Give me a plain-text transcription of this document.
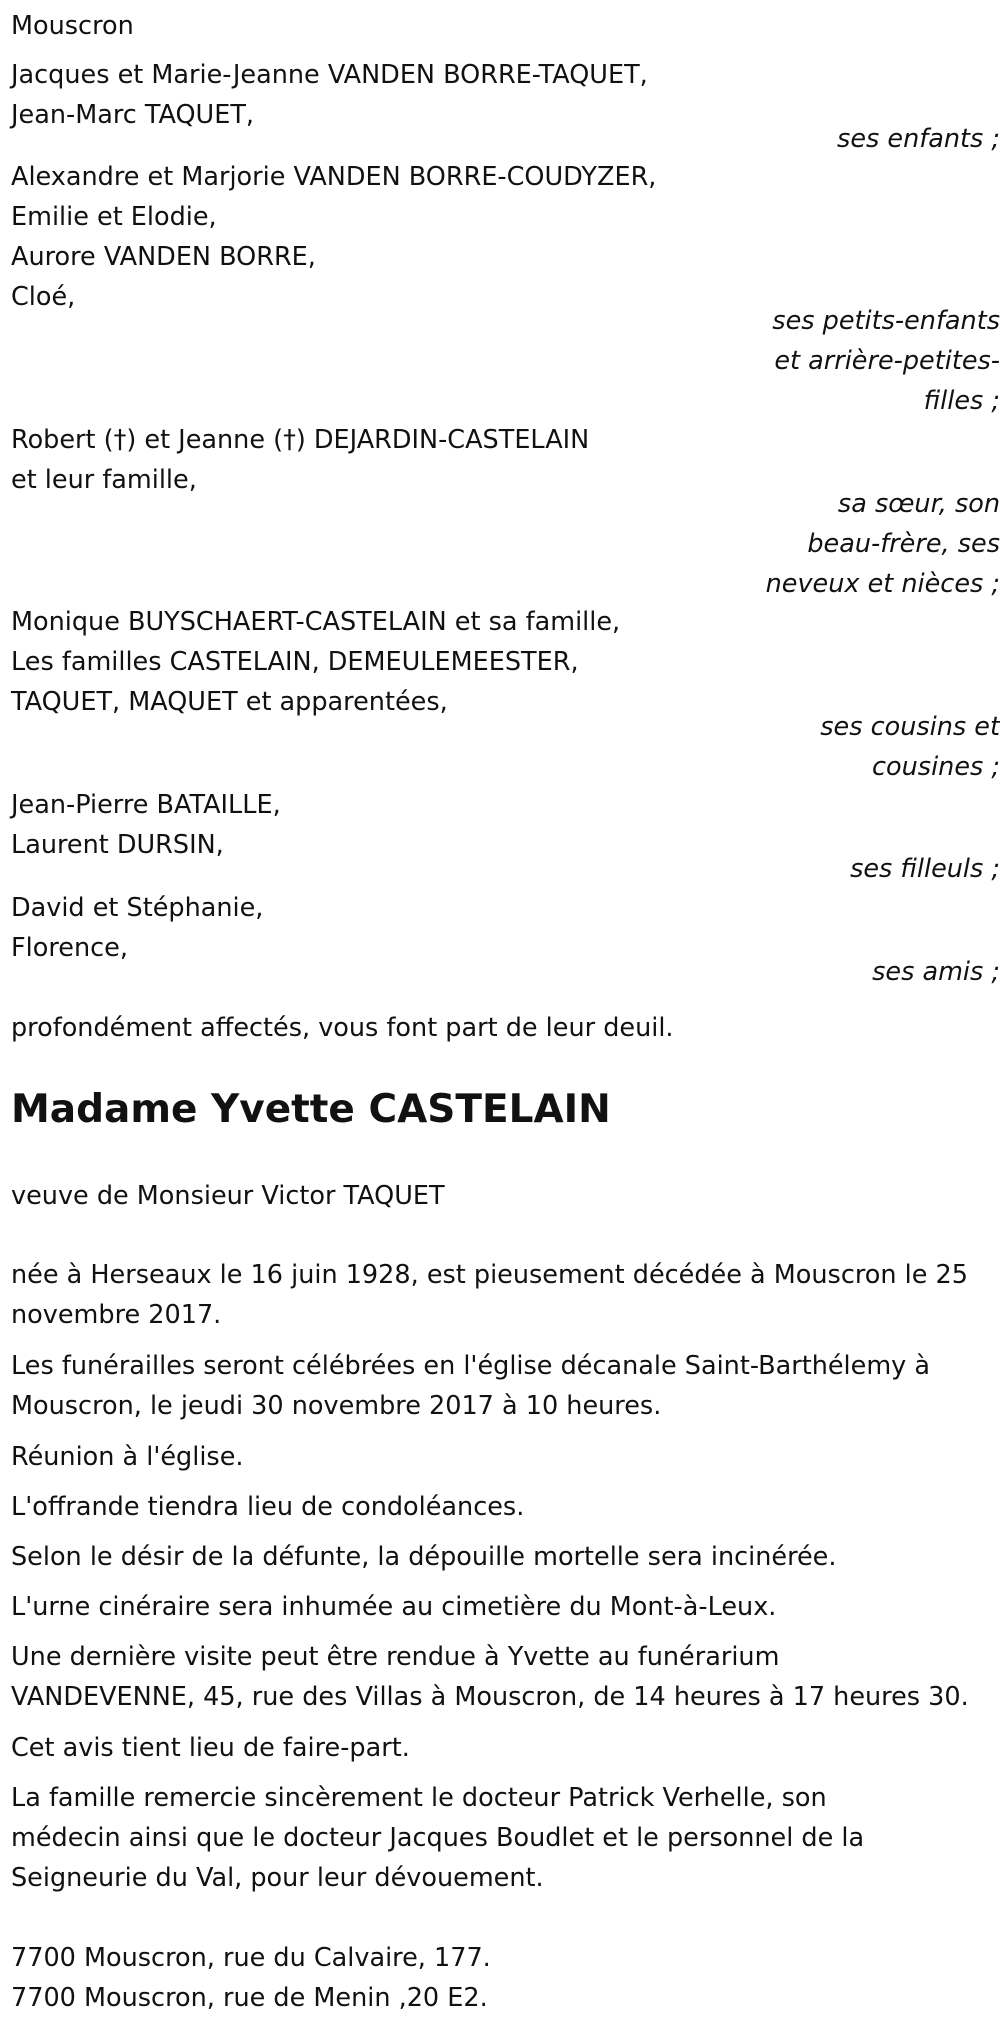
Mouscron
Jacques et Marie-Jeanne VANDEN BORRE-TAQUET,
Jean-Marc TAQUET,
ses enfants ;
Alexandre et Marjorie VANDEN BORRE-COUDYZER,
Emilie et Elodie,
Aurore VANDEN BORRE,
Cloé,
ses petits-enfants
et arrière-petites-
filles ;
Robert (†) et Jeanne (†) DEJARDIN-CASTELAIN
et leur famille,
sa sœur, son
beau-frère, ses
neveux et nièces ;
Monique BUYSCHAERT-CASTELAIN et sa famille,
Les familles CASTELAIN, DEMEULEMEESTER,
TAQUET, MAQUET et apparentées,
ses cousins et
cousines ;
Jean-Pierre BATAILLE,
Laurent DURSIN,
ses filleuls ;
David et Stéphanie,
Florence,
ses amis ;
profondément affectés, vous font part de leur deuil.
Madame Yvette CASTELAIN
veuve de Monsieur Victor TAQUET
née à Herseaux le 16 juin 1928, est pieusement décédée à Mouscron le 25
novembre 2017.
Les funérailles seront célébrées en l'église décanale Saint-Barthélemy à
Mouscron, le jeudi 30 novembre 2017 à 10 heures.
Réunion à l'église.
L'offrande tiendra lieu de condoléances.
Selon le désir de la défunte, la dépouille mortelle sera incinérée.
L'urne cinéraire sera inhumée au cimetière du Mont-à-Leux.
Une dernière visite peut être rendue à Yvette au funérarium
VANDEVENNE, 45, rue des Villas à Mouscron, de 14 heures à 17 heures 30.
Cet avis tient lieu de faire-part.
La famille remercie sincèrement le docteur Patrick Verhelle, son
médecin ainsi que le docteur Jacques Boudlet et le personnel de la
Seigneurie du Val, pour leur dévouement.
7700 Mouscron, rue du Calvaire, 177.
7700 Mouscron, rue de Menin ,20 E2.
